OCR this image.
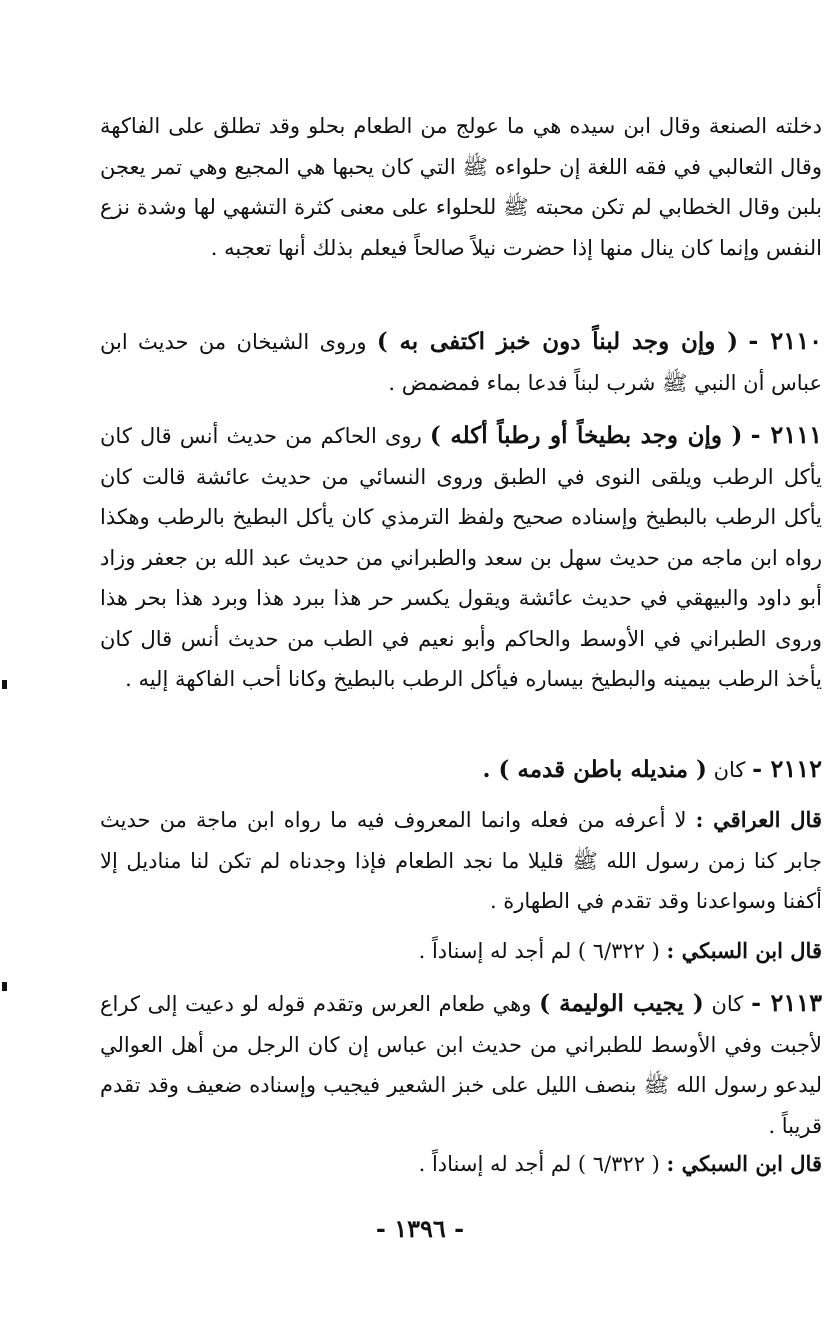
دخلته الصنعة وقال ابن سيده هي ما عولج من الطعام بحلو وقد تطلق على الفاكهة وقال الثعالبي في فقه اللغة إن حلواءه ﷺ التي كان يحبها هي المجيع وهي تمر يعجن بلبن وقال الخطابي لم تكن محبته ﷺ للحلواء على معنى كثرة التشهي لها وشدة نزع النفس وإنما كان ينال منها إذا حضرت نيلاً صالحاً فيعلم بذلك أنها تعجبه .

٢١١٠ - ( وإن وجد لبناً دون خبز اكتفى به ) وروى الشيخان من حديث ابن عباس أن النبي ﷺ شرب لبناً فدعا بماء فمضمض .

٢١١١ - ( وإن وجد بطيخاً أو رطباً أكله ) روى الحاكم من حديث أنس قال كان يأكل الرطب ويلقى النوى في الطبق وروى النسائي من حديث عائشة قالت كان يأكل الرطب بالبطيخ وإسناده صحيح ولفظ الترمذي كان يأكل البطيخ بالرطب وهكذا رواه ابن ماجه من حديث سهل بن سعد والطبراني من حديث عبد الله بن جعفر وزاد أبو داود والبيهقي في حديث عائشة ويقول يكسر حر هذا ببرد هذا وبرد هذا بحر هذا وروى الطبراني في الأوسط والحاكم وأبو نعيم في الطب من حديث أنس قال كان يأخذ الرطب بيمينه والبطيخ بيساره فيأكل الرطب بالبطيخ وكانا أحب الفاكهة إليه .

٢١١٢ - كان ( منديله باطن قدمه ) .

قال العراقي : لا أعرفه من فعله وانما المعروف فيه ما رواه ابن ماجة من حديث جابر كنا زمن رسول الله ﷺ قليلا ما نجد الطعام فإذا وجدناه لم تكن لنا مناديل إلا أكفنا وسواعدنا وقد تقدم في الطهارة .

قال ابن السبكي : ( ٦/٣٢٢ ) لم أجد له إسناداً .

٢١١٣ - كان ( يجيب الوليمة ) وهي طعام العرس وتقدم قوله لو دعيت إلى كراع لأجبت وفي الأوسط للطبراني من حديث ابن عباس إن كان الرجل من أهل العوالي ليدعو رسول الله ﷺ بنصف الليل على خبز الشعير فيجيب وإسناده ضعيف وقد تقدم قريباً .

قال ابن السبكي : ( ٦/٣٢٢ ) لم أجد له إسناداً .

- ١٣٩٦ -
